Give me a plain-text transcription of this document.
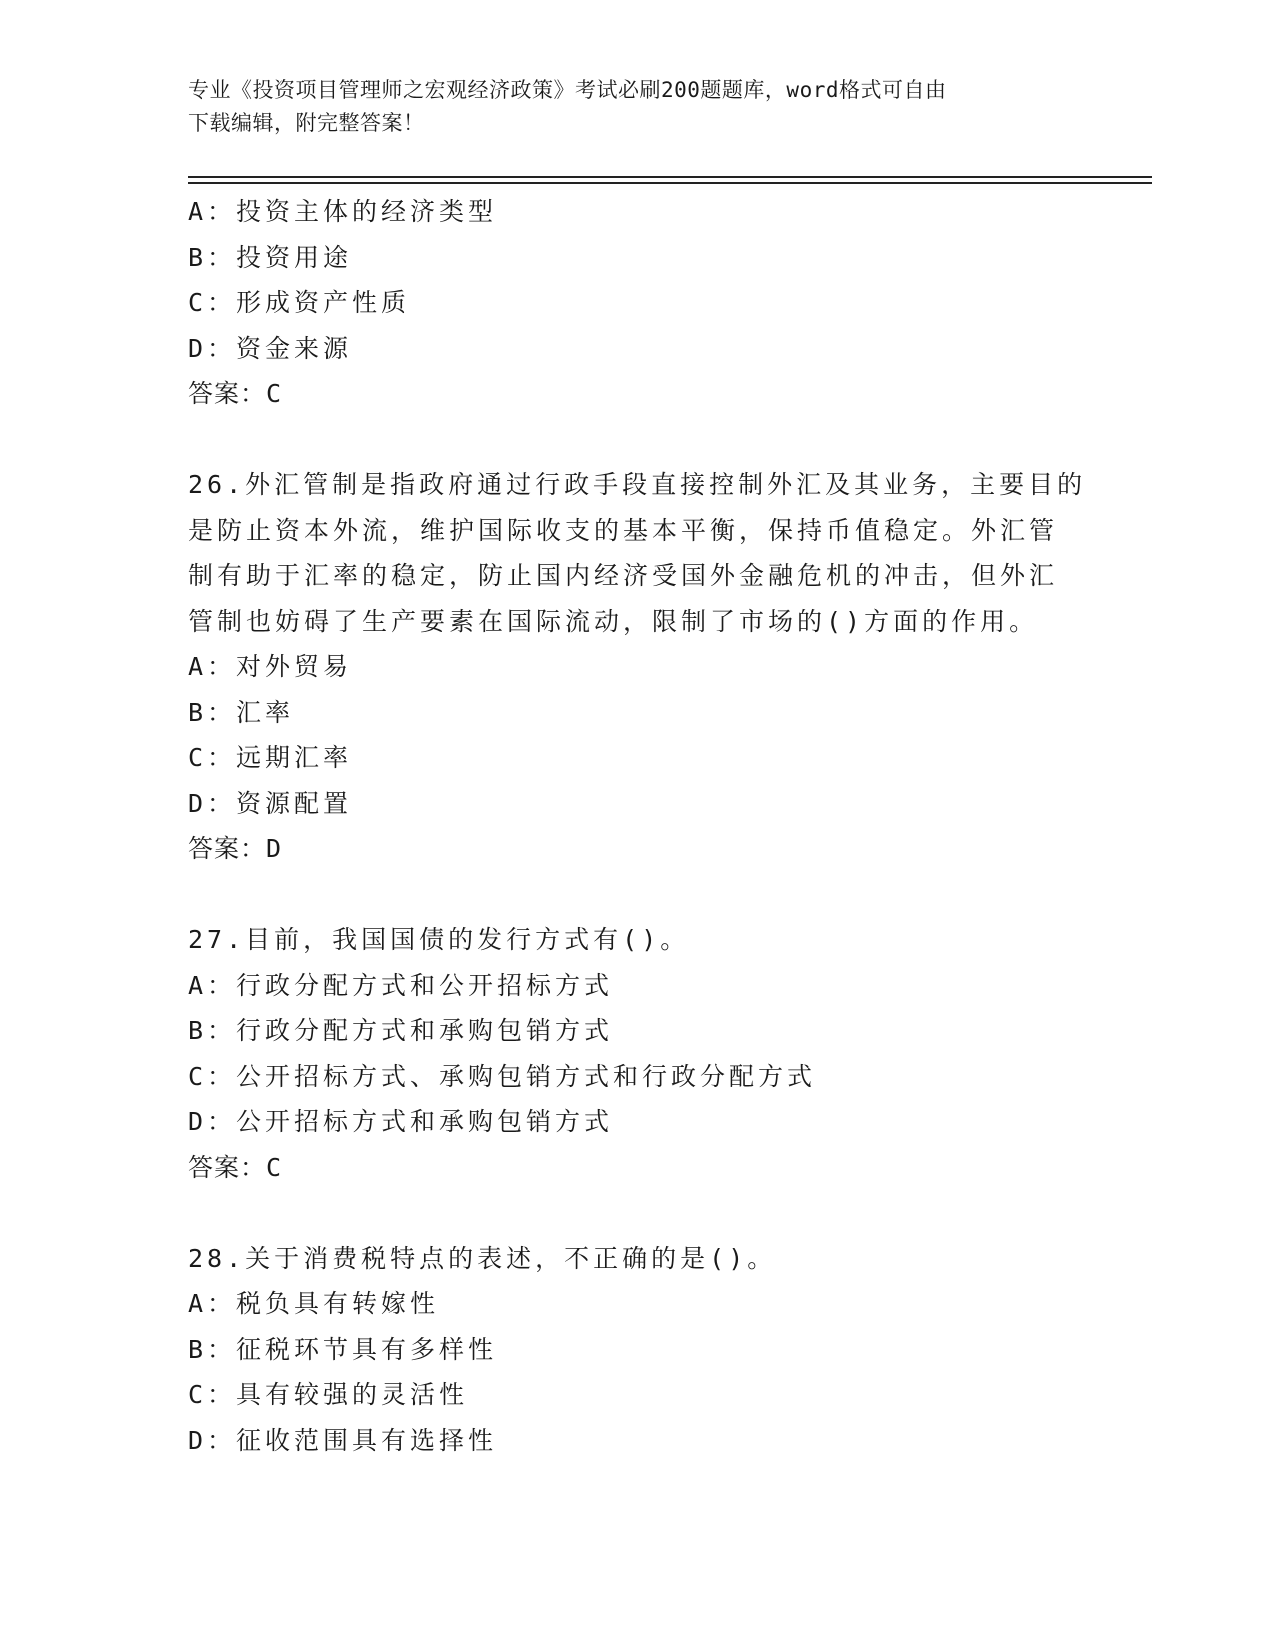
专业《投资项目管理师之宏观经济政策》考试必刷200题题库，word格式可自由
下载编辑，附完整答案！
A：投资主体的经济类型
B：投资用途
C：形成资产性质
D：资金来源
答案：C
26.外汇管制是指政府通过行政手段直接控制外汇及其业务，主要目的
是防止资本外流，维护国际收支的基本平衡，保持币值稳定。外汇管
制有助于汇率的稳定，防止国内经济受国外金融危机的冲击，但外汇
管制也妨碍了生产要素在国际流动，限制了市场的()方面的作用。
A：对外贸易
B：汇率
C：远期汇率
D：资源配置
答案：D
27.目前，我国国债的发行方式有()。
A：行政分配方式和公开招标方式
B：行政分配方式和承购包销方式
C：公开招标方式、承购包销方式和行政分配方式
D：公开招标方式和承购包销方式
答案：C
28.关于消费税特点的表述，不正确的是()。
A：税负具有转嫁性
B：征税环节具有多样性
C：具有较强的灵活性
D：征收范围具有选择性
